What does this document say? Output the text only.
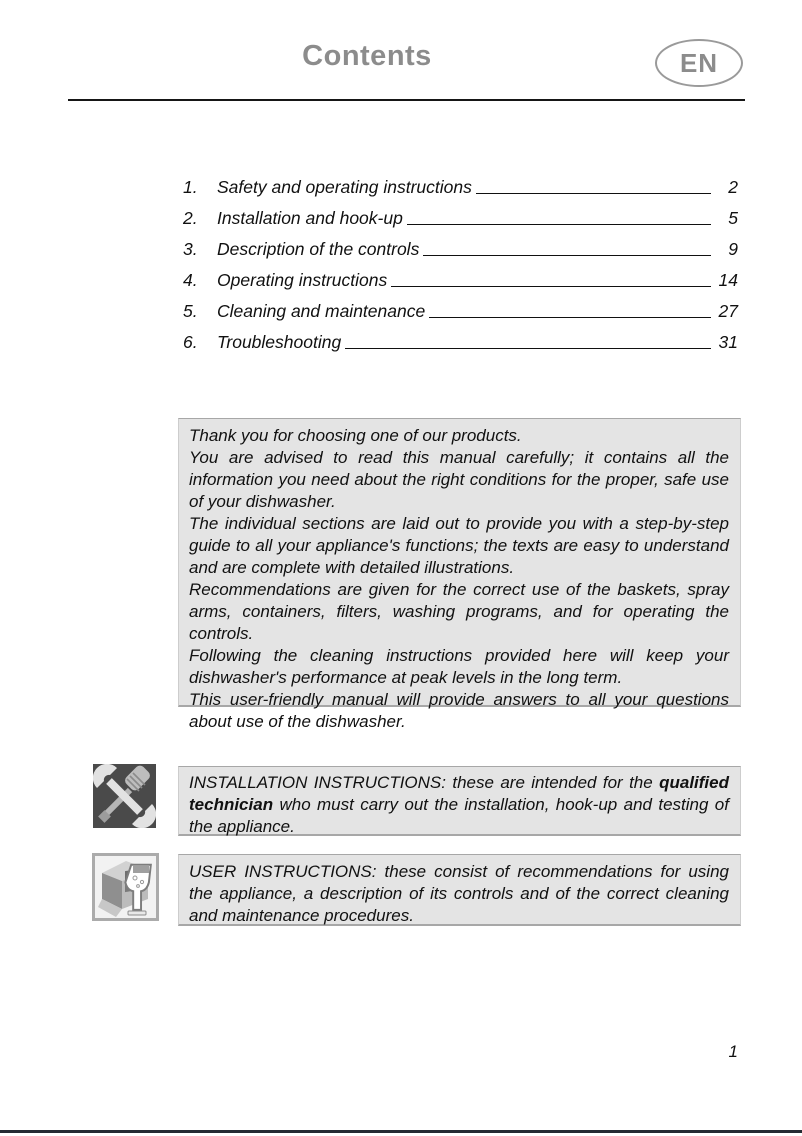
Contents	EN
1.	Safety and operating instructions	2
2.	Installation and hook-up	5
3.	Description of the controls	9
4.	Operating instructions	14
5.	Cleaning and maintenance	27
6.	Troubleshooting	31

Thank you for choosing one of our products.

You are advised to read this manual carefully; it contains all the information you need about the right conditions for the proper, safe use of your dishwasher.

The individual sections are laid out to provide you with a step-by-step guide to all your appliance's functions; the texts are easy to understand and are complete with detailed illustrations.

Recommendations are given for the correct use of the baskets, spray arms, containers, filters, washing programs, and for operating the controls.

Following the cleaning instructions provided here will keep your dishwasher's performance at peak levels in the long term.

This user-friendly manual will provide answers to all your questions about use of the dishwasher.

INSTALLATION INSTRUCTIONS: these are intended for the qualified technician who must carry out the installation, hook-up and testing of the appliance.
USER INSTRUCTIONS: these consist of recommendations for using the appliance, a description of its controls and of the correct cleaning and maintenance procedures.
1
